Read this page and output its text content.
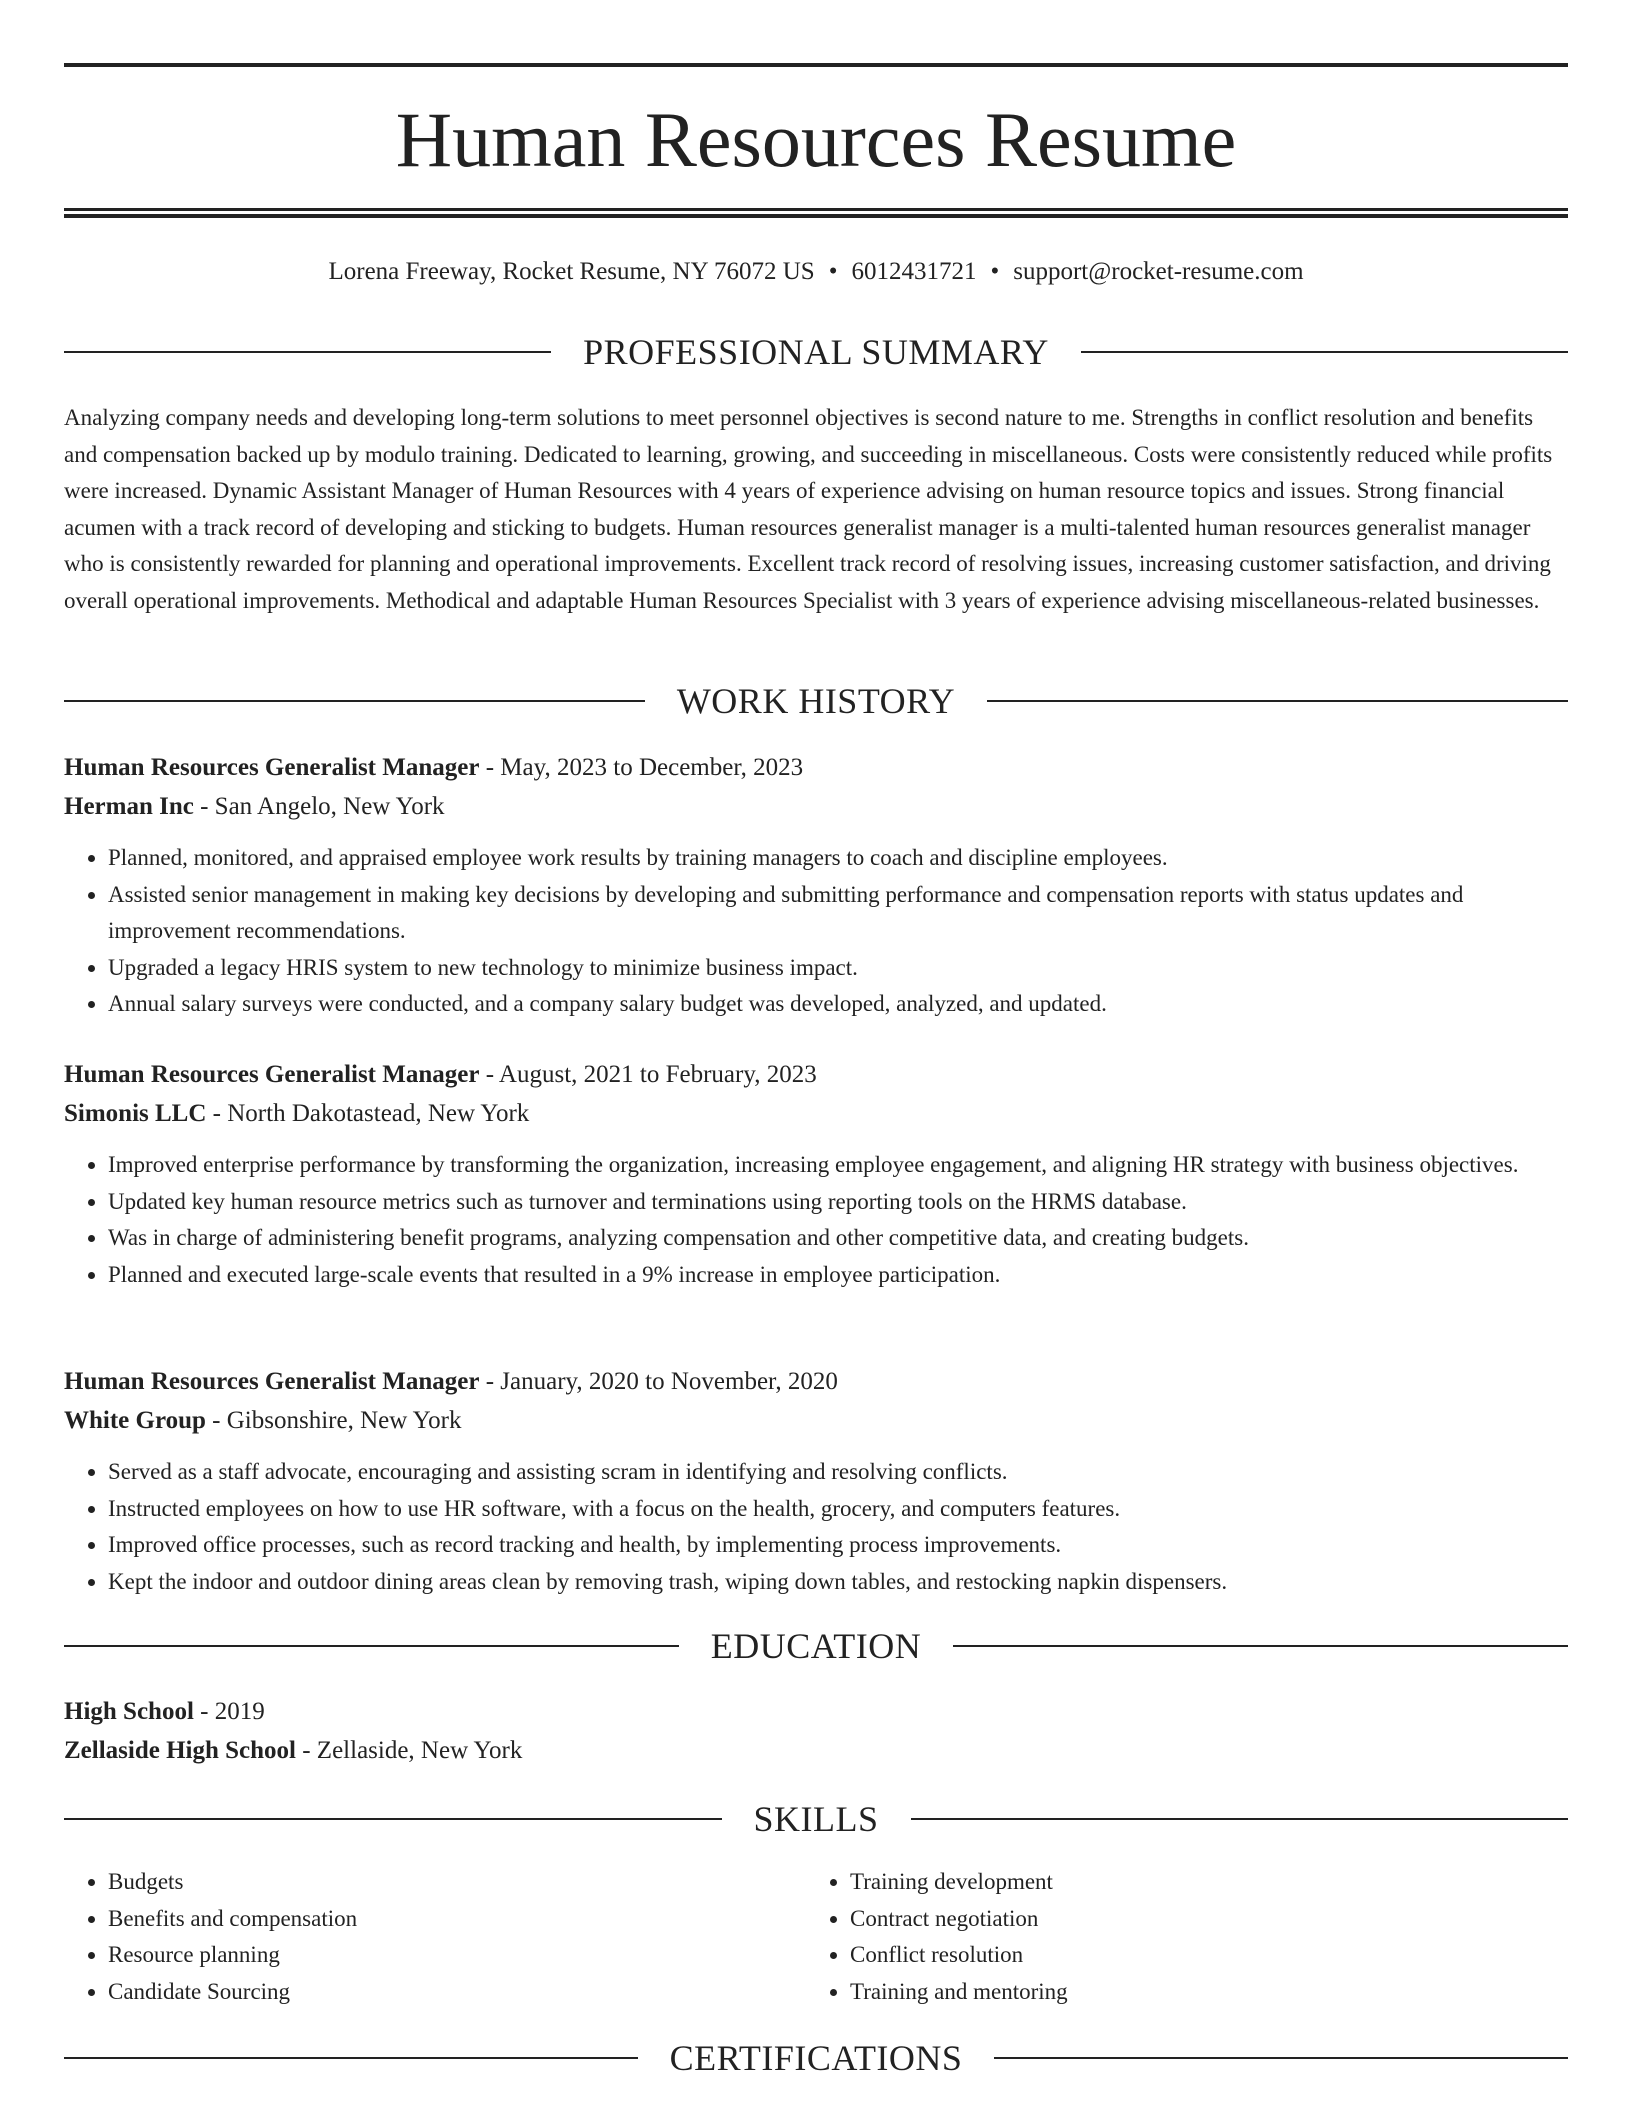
Human Resources Resume
Lorena Freeway, Rocket Resume, NY 76072 US • 6012431721 • support@rocket-resume.com
PROFESSIONAL SUMMARY

Analyzing company needs and developing long-term solutions to meet personnel objectives is second nature to me. Strengths in conflict resolution and benefits and compensation backed up by modulo training. Dedicated to learning, growing, and succeeding in miscellaneous. Costs were consistently reduced while profits were increased. Dynamic Assistant Manager of Human Resources with 4 years of experience advising on human resource topics and issues. Strong financial acumen with a track record of developing and sticking to budgets. Human resources generalist manager is a multi-talented human resources generalist manager who is consistently rewarded for planning and operational improvements. Excellent track record of resolving issues, increasing customer satisfaction, and driving overall operational improvements. Methodical and adaptable Human Resources Specialist with 3 years of experience advising miscellaneous-related businesses.

WORK HISTORY
Human Resources Generalist Manager - May, 2023 to December, 2023
Herman Inc - San Angelo, New York
• Planned, monitored, and appraised employee work results by training managers to coach and discipline employees.
• Assisted senior management in making key decisions by developing and submitting performance and compensation reports with status updates and improvement recommendations.
• Upgraded a legacy HRIS system to new technology to minimize business impact.
• Annual salary surveys were conducted, and a company salary budget was developed, analyzed, and updated.
Human Resources Generalist Manager - August, 2021 to February, 2023
Simonis LLC - North Dakotastead, New York
• Improved enterprise performance by transforming the organization, increasing employee engagement, and aligning HR strategy with business objectives.
• Updated key human resource metrics such as turnover and terminations using reporting tools on the HRMS database.
• Was in charge of administering benefit programs, analyzing compensation and other competitive data, and creating budgets.
• Planned and executed large-scale events that resulted in a 9% increase in employee participation.
Human Resources Generalist Manager - January, 2020 to November, 2020
White Group - Gibsonshire, New York
• Served as a staff advocate, encouraging and assisting scram in identifying and resolving conflicts.
• Instructed employees on how to use HR software, with a focus on the health, grocery, and computers features.
• Improved office processes, such as record tracking and health, by implementing process improvements.
• Kept the indoor and outdoor dining areas clean by removing trash, wiping down tables, and restocking napkin dispensers.
EDUCATION
High School - 2019
Zellaside High School - Zellaside, New York
SKILLS
• Budgets
• Benefits and compensation
• Resource planning
• Candidate Sourcing
• Training development
• Contract negotiation
• Conflict resolution
• Training and mentoring
CERTIFICATIONS
